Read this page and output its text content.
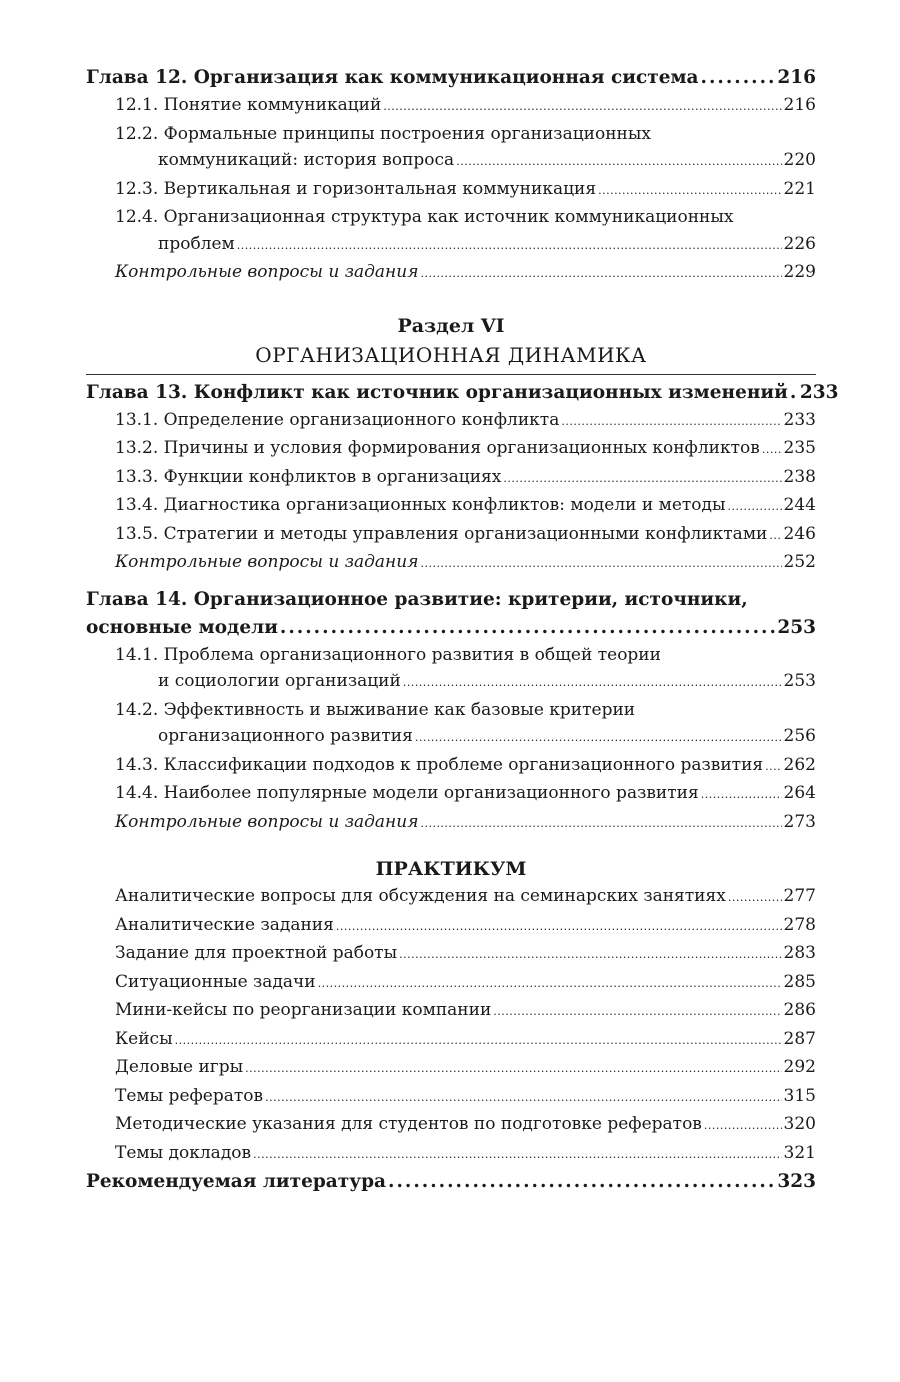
Глава 12. Организация как коммуникационная система .....	216
12.1. Понятие коммуникаций .....	216
12.2. Формальные принципы построения организационных
коммуникаций: история вопроса .....	220
12.3. Вертикальная и горизонтальная коммуникация .....	221
12.4. Организационная структура как источник коммуникационных
проблем .....	226
Контрольные вопросы и задания .....	229
Раздел VI
ОРГАНИЗАЦИОННАЯ ДИНАМИКА
Глава 13. Конфликт как источник организационных изменений ..... 233
13.1. Определение организационного конфликта .....	233
13.2. Причины и условия формирования организационных конфликтов ..... 235
13.3. Функции конфликтов в организациях .....	238
13.4. Диагностика организационных конфликтов: модели и методы .....	244
13.5. Стратегии и методы управления организационными конфликтами ..... 246
Контрольные вопросы и задания .....	252
Глава 14. Организационное развитие: критерии, источники,
основные модели .....	253
14.1. Проблема организационного развития в общей теории
и социологии организаций .....	253
14.2. Эффективность и выживание как базовые критерии
организационного развития .....	256
14.3. Классификации подходов к проблеме организационного развития ..... 262
14.4. Наиболее популярные модели организационного развития .....	264
Контрольные вопросы и задания .....	273
ПРАКТИКУМ
Аналитические вопросы для обсуждения на семинарских занятиях .....	277
Аналитические задания .....	278
Задание для проектной работы .....	283
Ситуационные задачи .....	285
Мини-кейсы по реорганизации компании .....	286
Кейсы .....	287
Деловые игры .....	292
Темы рефератов .....	315
Методические указания для студентов по подготовке рефератов .....	320
Темы докладов .....	321
Рекомендуемая литература .....	323
